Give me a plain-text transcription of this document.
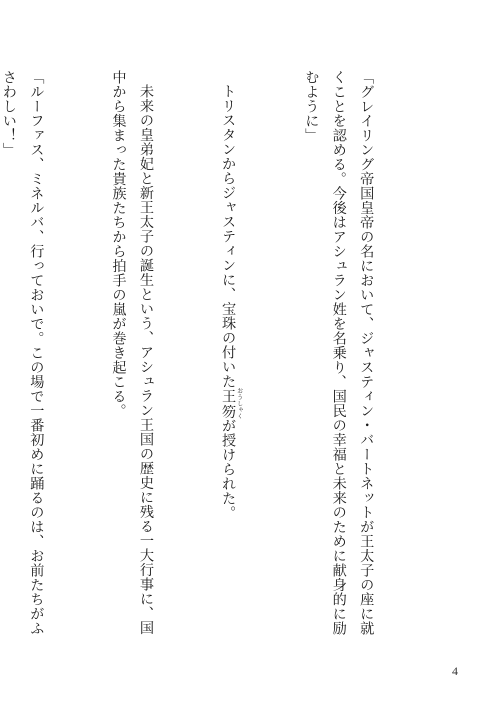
「グレイリング帝国皇帝の名において、ジャスティン・バートネットが王太子の座に就くことを認める。今後はアシュラン姓を名乗り、国民の幸福と未来のために献身的に励むように」

トリスタンからジャスティンに、宝珠の付いた王笏 おうしゃくが授けられた。

未来の皇弟妃と新王太子の誕生という、アシュラン王国の歴史に残る一大行事に、国中から集まった貴族たちから拍手の嵐が巻き起こる。

「ルーファス、ミネルバ、行っておいで。この場で一番初めに踊るのは、お前たちがふさわしい！」

4
